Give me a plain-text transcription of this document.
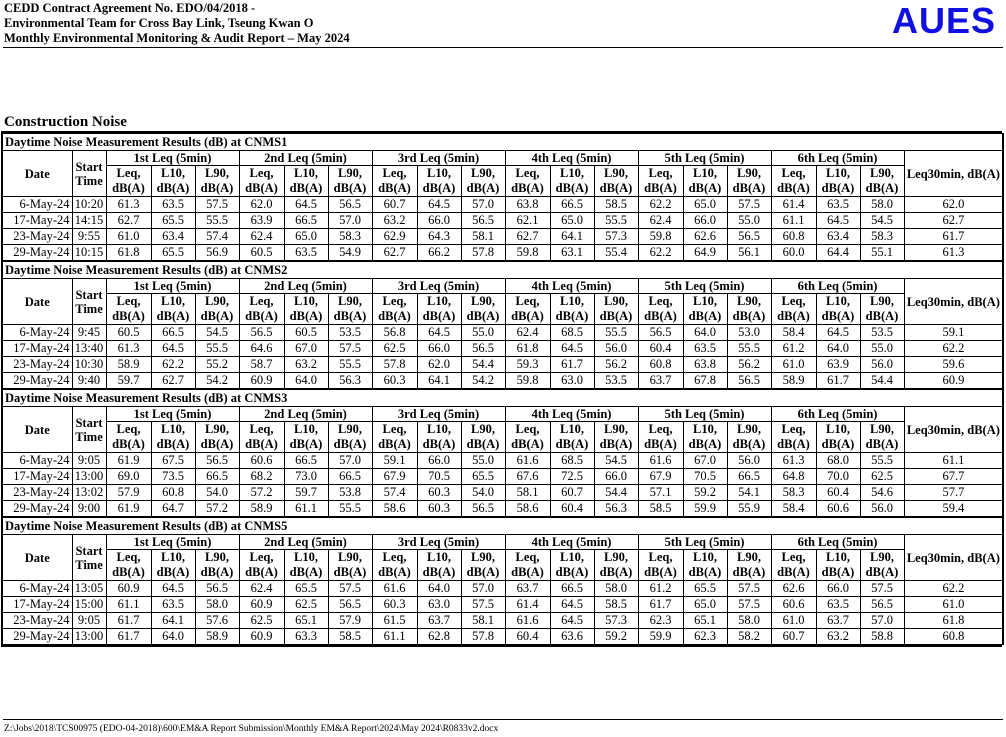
CEDD Contract Agreement No. EDO/04/2018 -
Environmental Team for Cross Bay Link, Tseung Kwan O
Monthly Environmental Monitoring & Audit Report – May 2024	AUES
Construction Noise
Daytime Noise Measurement Results (dB) at CNMS1																				
Date	Start Time	1st Leq (5min)			2nd Leq (5min)			3rd Leq (5min)			4th Leq (5min)			5th Leq (5min)			6th Leq (5min)			Leq30min, dB(A)
		Leq, dB(A)	L10, dB(A)	L90, dB(A)	Leq, dB(A)	L10, dB(A)	L90, dB(A)	Leq, dB(A)	L10, dB(A)	L90, dB(A)	Leq, dB(A)	L10, dB(A)	L90, dB(A)	Leq, dB(A)	L10, dB(A)	L90, dB(A)	Leq, dB(A)	L10, dB(A)	L90, dB(A)	
6-May-24	10:20	61.3	63.5	57.5	62.0	64.5	56.5	60.7	64.5	57.0	63.8	66.5	58.5	62.2	65.0	57.5	61.4	63.5	58.0	62.0
17-May-24	14:15	62.7	65.5	55.5	63.9	66.5	57.0	63.2	66.0	56.5	62.1	65.0	55.5	62.4	66.0	55.0	61.1	64.5	54.5	62.7
23-May-24	9:55	61.0	63.4	57.4	62.4	65.0	58.3	62.9	64.3	58.1	62.7	64.1	57.3	59.8	62.6	56.5	60.8	63.4	58.3	61.7
29-May-24	10:15	61.8	65.5	56.9	60.5	63.5	54.9	62.7	66.2	57.8	59.8	63.1	55.4	62.2	64.9	56.1	60.0	64.4	55.1	61.3
Daytime Noise Measurement Results (dB) at CNMS2																				
Date	Start Time	1st Leq (5min)			2nd Leq (5min)			3rd Leq (5min)			4th Leq (5min)			5th Leq (5min)			6th Leq (5min)			Leq30min, dB(A)
		Leq, dB(A)	L10, dB(A)	L90, dB(A)	Leq, dB(A)	L10, dB(A)	L90, dB(A)	Leq, dB(A)	L10, dB(A)	L90, dB(A)	Leq, dB(A)	L10, dB(A)	L90, dB(A)	Leq, dB(A)	L10, dB(A)	L90, dB(A)	Leq, dB(A)	L10, dB(A)	L90, dB(A)	
6-May-24	9:45	60.5	66.5	54.5	56.5	60.5	53.5	56.8	64.5	55.0	62.4	68.5	55.5	56.5	64.0	53.0	58.4	64.5	53.5	59.1
17-May-24	13:40	61.3	64.5	55.5	64.6	67.0	57.5	62.5	66.0	56.5	61.8	64.5	56.0	60.4	63.5	55.5	61.2	64.0	55.0	62.2
23-May-24	10:30	58.9	62.2	55.2	58.7	63.2	55.5	57.8	62.0	54.4	59.3	61.7	56.2	60.8	63.8	56.2	61.0	63.9	56.0	59.6
29-May-24	9:40	59.7	62.7	54.2	60.9	64.0	56.3	60.3	64.1	54.2	59.8	63.0	53.5	63.7	67.8	56.5	58.9	61.7	54.4	60.9
Daytime Noise Measurement Results (dB) at CNMS3																				
Date	Start Time	1st Leq (5min)			2nd Leq (5min)			3rd Leq (5min)			4th Leq (5min)			5th Leq (5min)			6th Leq (5min)			Leq30min, dB(A)
		Leq, dB(A)	L10, dB(A)	L90, dB(A)	Leq, dB(A)	L10, dB(A)	L90, dB(A)	Leq, dB(A)	L10, dB(A)	L90, dB(A)	Leq, dB(A)	L10, dB(A)	L90, dB(A)	Leq, dB(A)	L10, dB(A)	L90, dB(A)	Leq, dB(A)	L10, dB(A)	L90, dB(A)	
6-May-24	9:05	61.9	67.5	56.5	60.6	66.5	57.0	59.1	66.0	55.0	61.6	68.5	54.5	61.6	67.0	56.0	61.3	68.0	55.5	61.1
17-May-24	13:00	69.0	73.5	66.5	68.2	73.0	66.5	67.9	70.5	65.5	67.6	72.5	66.0	67.9	70.5	66.5	64.8	70.0	62.5	67.7
23-May-24	13:02	57.9	60.8	54.0	57.2	59.7	53.8	57.4	60.3	54.0	58.1	60.7	54.4	57.1	59.2	54.1	58.3	60.4	54.6	57.7
29-May-24	9:00	61.9	64.7	57.2	58.9	61.1	55.5	58.6	60.3	56.5	58.6	60.4	56.3	58.5	59.9	55.9	58.4	60.6	56.0	59.4
Daytime Noise Measurement Results (dB) at CNMS5																				
Date	Start Time	1st Leq (5min)			2nd Leq (5min)			3rd Leq (5min)			4th Leq (5min)			5th Leq (5min)			6th Leq (5min)			Leq30min, dB(A)
		Leq, dB(A)	L10, dB(A)	L90, dB(A)	Leq, dB(A)	L10, dB(A)	L90, dB(A)	Leq, dB(A)	L10, dB(A)	L90, dB(A)	Leq, dB(A)	L10, dB(A)	L90, dB(A)	Leq, dB(A)	L10, dB(A)	L90, dB(A)	Leq, dB(A)	L10, dB(A)	L90, dB(A)	
6-May-24	13:05	60.9	64.5	56.5	62.4	65.5	57.5	61.6	64.0	57.0	63.7	66.5	58.0	61.2	65.5	57.5	62.6	66.0	57.5	62.2
17-May-24	15:00	61.1	63.5	58.0	60.9	62.5	56.5	60.3	63.0	57.5	61.4	64.5	58.5	61.7	65.0	57.5	60.6	63.5	56.5	61.0
23-May-24	9:05	61.7	64.1	57.6	62.5	65.1	57.9	61.5	63.7	58.1	61.6	64.5	57.3	62.3	65.1	58.0	61.0	63.7	57.0	61.8
29-May-24	13:00	61.7	64.0	58.9	60.9	63.3	58.5	61.1	62.8	57.8	60.4	63.6	59.2	59.9	62.3	58.2	60.7	63.2	58.8	60.8
Z:\Jobs\2018\TCS00975 (EDO-04-2018)\600\EM&A Report Submission\Monthly EM&A Report\2024\May 2024\R0833v2.docx
